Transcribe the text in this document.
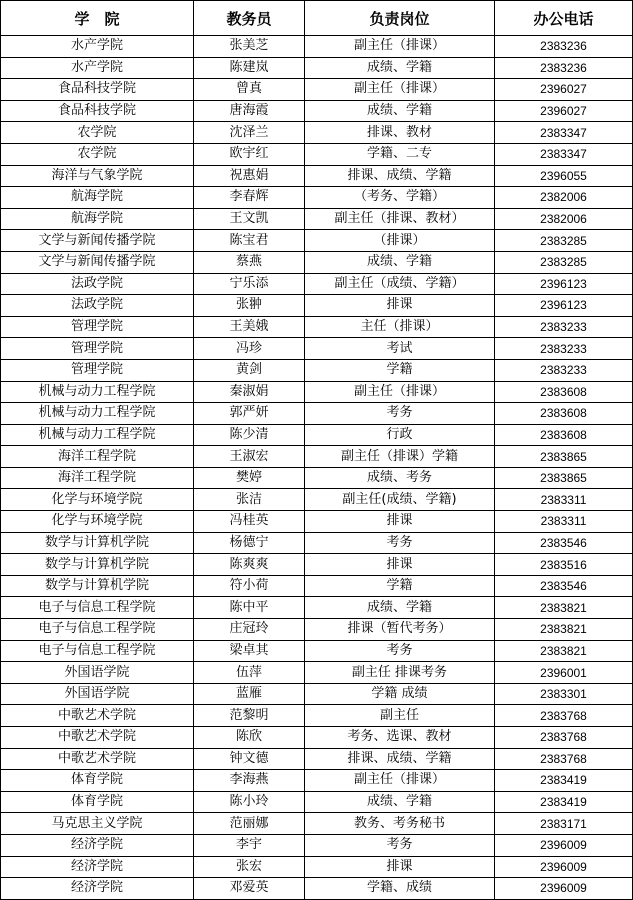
学　院	教务员	负责岗位	办公电话
水产学院	张美芝	副主任（排课）	2383236
水产学院	陈建岚	成绩、学籍	2383236
食品科技学院	曾真	副主任（排课）	2396027
食品科技学院	唐海霞	成绩、学籍	2396027
农学院	沈泽兰	排课、教材	2383347
农学院	欧宇红	学籍、二专	2383347
海洋与气象学院	祝惠娟	排课、成绩、学籍	2396055
航海学院	李春辉	（考务、学籍）	2382006
航海学院	王文凯	副主任（排课、教材）	2382006
文学与新闻传播学院	陈宝君	（排课）	2383285
文学与新闻传播学院	蔡燕	成绩、学籍	2383285
法政学院	宁乐添	副主任（成绩、学籍）	2396123
法政学院	张翀	排课	2396123
管理学院	王美娥	主任（排课）	2383233
管理学院	冯珍	考试	2383233
管理学院	黄剑	学籍	2383233
机械与动力工程学院	秦淑娟	副主任（排课）	2383608
机械与动力工程学院	郭严妍	考务	2383608
机械与动力工程学院	陈少清	行政	2383608
海洋工程学院	王淑宏	副主任（排课）学籍	2383865
海洋工程学院	樊婷	成绩、考务	2383865
化学与环境学院	张洁	副主任(成绩、学籍)	2383311
化学与环境学院	冯桂英	排课	2383311
数学与计算机学院	杨德宁	考务	2383546
数学与计算机学院	陈爽爽	排课	2383516
数学与计算机学院	符小荷	学籍	2383546
电子与信息工程学院	陈中平	成绩、学籍	2383821
电子与信息工程学院	庄冠玲	排课（暂代考务）	2383821
电子与信息工程学院	梁卓其	考务	2383821
外国语学院	伍萍	副主任 排课考务	2396001
外国语学院	蓝雁	学籍 成绩	2383301
中歌艺术学院	范黎明	副主任	2383768
中歌艺术学院	陈欣	考务、选课、教材	2383768
中歌艺术学院	钟文德	排课、成绩、学籍	2383768
体育学院	李海燕	副主任（排课）	2383419
体育学院	陈小玲	成绩、学籍	2383419
马克思主义学院	范丽娜	教务、考务秘书	2383171
经济学院	李宇	考务	2396009
经济学院	张宏	排课	2396009
经济学院	邓爱英	学籍、成绩	2396009
